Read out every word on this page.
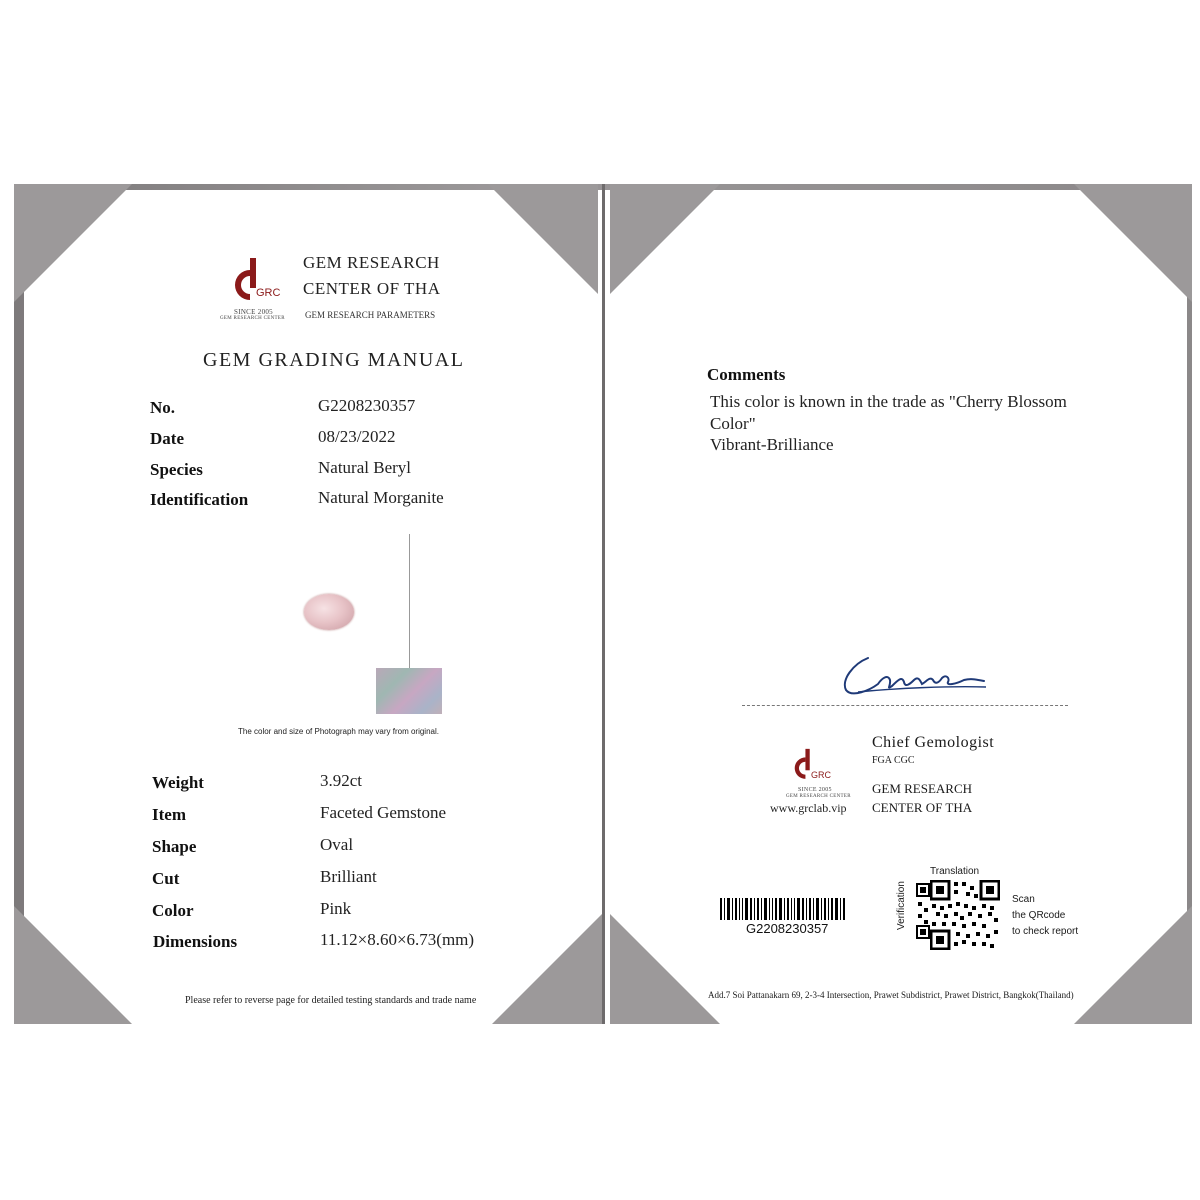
GRC
SINCE 2005
GEM RESEARCH CENTER
GEM RESEARCH
CENTER OF THA
GEM RESEARCH PARAMETERS
GEM GRADING MANUAL
No.	G2208230357
Date	08/23/2022
Species	Natural Beryl
Identification	Natural Morganite
The color and size of Photograph may vary from original.
Weight	3.92ct
Item	Faceted Gemstone
Shape	Oval
Cut	Brilliant
Color	Pink
Dimensions	11.12×8.60×6.73(mm)
Please refer to reverse page for detailed testing standards and trade name
Comments
This color is known in the trade as "Cherry Blossom
Color"
Vibrant-Brilliance
GRC
SINCE 2005
GEM RESEARCH CENTER
www.grclab.vip
Chief Gemologist
FGA CGC
GEM RESEARCH
CENTER OF THA
G2208230357
Translation
Verification	Scan
the QRcode
to check report
Add.7 Soi Pattanakarn 69, 2-3-4 Intersection, Prawet Subdistrict, Prawet District, Bangkok(Thailand)
